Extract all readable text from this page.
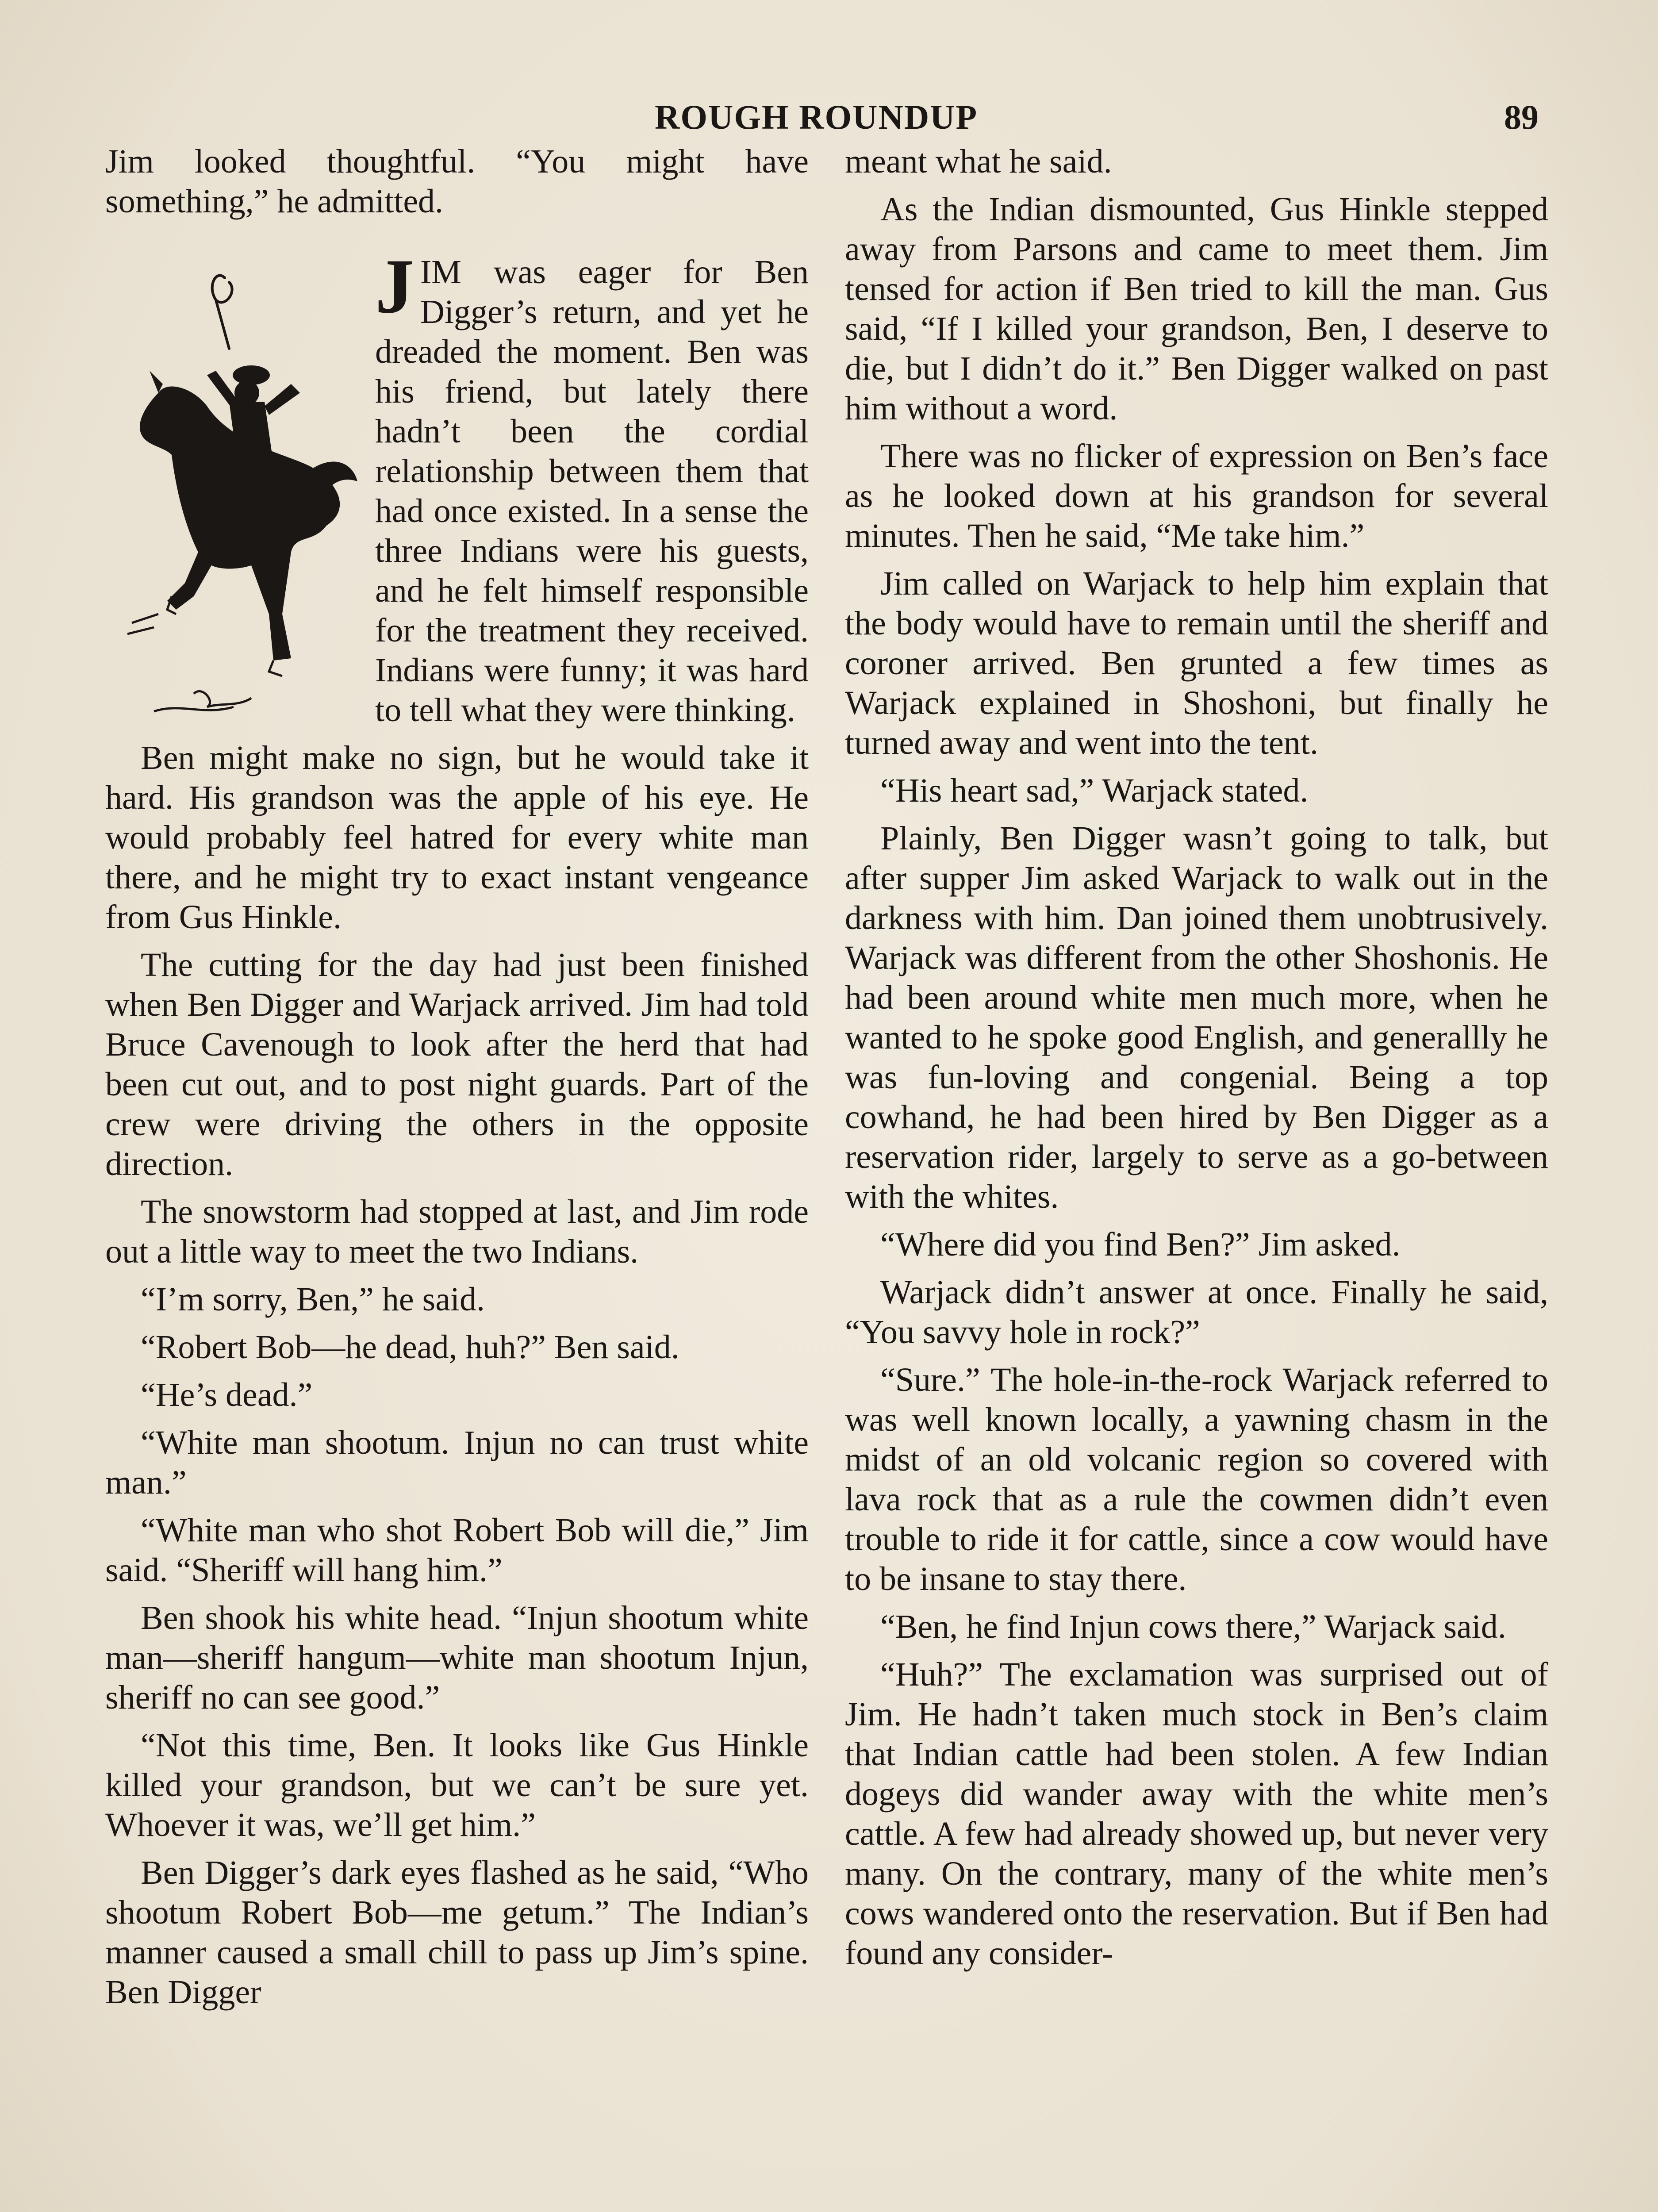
ROUGH ROUNDUP	89

Jim looked thoughtful. “You might have something,” he admitted.

JIM was eager for Ben Digger’s return, and yet he dreaded the moment. Ben was his friend, but lately there hadn’t been the cordial relationship between them that had once existed. In a sense the three Indians were his guests, and he felt himself responsible for the treatment they received. Indians were funny; it was hard to tell what they were thinking.

Ben might make no sign, but he would take it hard. His grandson was the apple of his eye. He would probably feel hatred for every white man there, and he might try to exact instant vengeance from Gus Hinkle.

The cutting for the day had just been finished when Ben Digger and Warjack arrived. Jim had told Bruce Cavenough to look after the herd that had been cut out, and to post night guards. Part of the crew were driving the others in the opposite direction.

The snowstorm had stopped at last, and Jim rode out a little way to meet the two Indians.

“I’m sorry, Ben,” he said.

“Robert Bob—he dead, huh?” Ben said.

“He’s dead.”

“White man shootum. Injun no can trust white man.”

“White man who shot Robert Bob will die,” Jim said. “Sheriff will hang him.”

Ben shook his white head. “Injun shootum white man—sheriff hangum—white man shootum Injun, sheriff no can see good.”

“Not this time, Ben. It looks like Gus Hinkle killed your grandson, but we can’t be sure yet. Whoever it was, we’ll get him.”

Ben Digger’s dark eyes flashed as he said, “Who shootum Robert Bob—me getum.” The Indian’s manner caused a small chill to pass up Jim’s spine. Ben Digger

meant what he said.

As the Indian dismounted, Gus Hinkle stepped away from Parsons and came to meet them. Jim tensed for action if Ben tried to kill the man. Gus said, “If I killed your grandson, Ben, I deserve to die, but I didn’t do it.” Ben Digger walked on past him without a word.

There was no flicker of expression on Ben’s face as he looked down at his grandson for several minutes. Then he said, “Me take him.”

Jim called on Warjack to help him explain that the body would have to remain until the sheriff and coroner arrived. Ben grunted a few times as Warjack explained in Shoshoni, but finally he turned away and went into the tent.

“His heart sad,” Warjack stated.

Plainly, Ben Digger wasn’t going to talk, but after supper Jim asked Warjack to walk out in the darkness with him. Dan joined them unobtrusively. Warjack was different from the other Shoshonis. He had been around white men much more, when he wanted to he spoke good English, and generallly he was fun-loving and congenial. Being a top cowhand, he had been hired by Ben Digger as a reservation rider, largely to serve as a go-between with the whites.

“Where did you find Ben?” Jim asked.

Warjack didn’t answer at once. Finally he said, “You savvy hole in rock?”

“Sure.” The hole-in-the-rock Warjack referred to was well known locally, a yawning chasm in the midst of an old volcanic region so covered with lava rock that as a rule the cowmen didn’t even trouble to ride it for cattle, since a cow would have to be insane to stay there.

“Ben, he find Injun cows there,” Warjack said.

“Huh?” The exclamation was surprised out of Jim. He hadn’t taken much stock in Ben’s claim that Indian cattle had been stolen. A few Indian dogeys did wander away with the white men’s cattle. A few had already showed up, but never very many. On the contrary, many of the white men’s cows wandered onto the reservation. But if Ben had found any consider-
